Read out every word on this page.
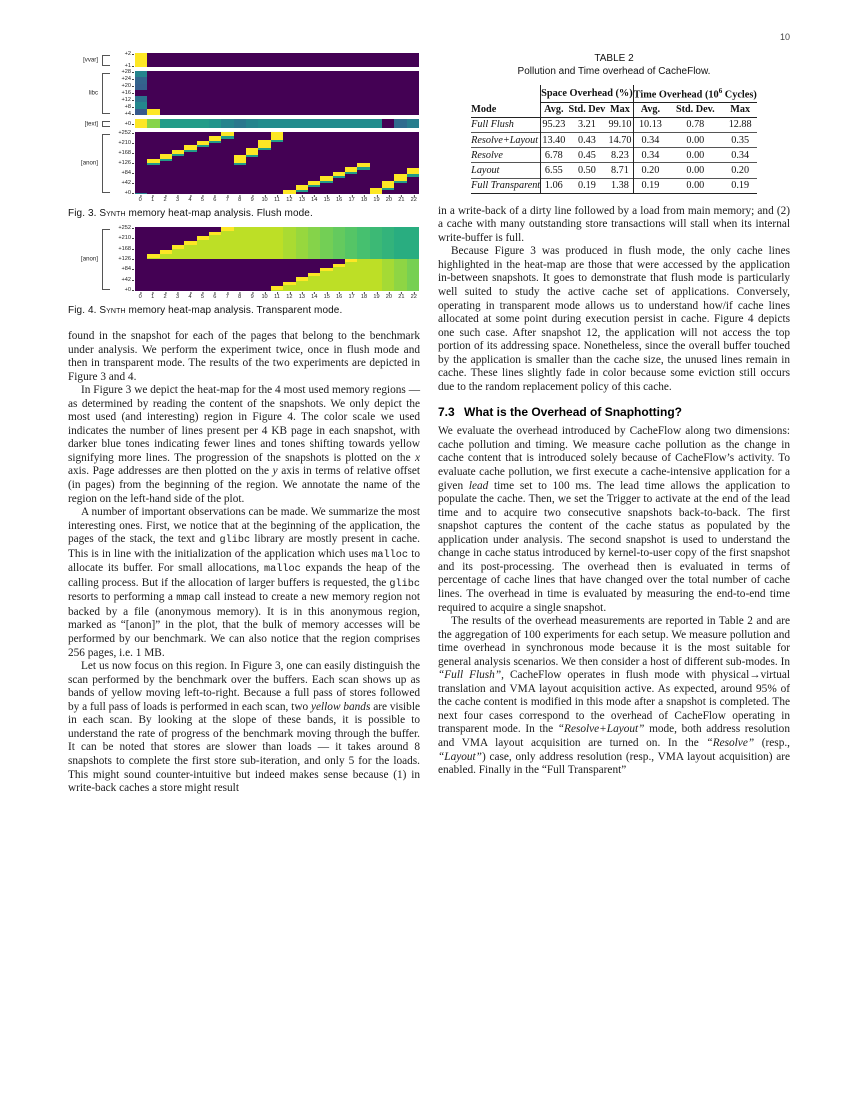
10
[vvar]
+2
+1
libc
+28
+24
+20
+16
+12
+8
+4
[text]	+0
[anon]
+252
+210
+168
+126
+84
+42
+0
0 1 2 3 4 5 6 7 8 9 10 11 12 13 14 15 16 17 18 19 20 21 22
Fig. 3. Synth memory heat-map analysis. Flush mode.
[anon]
+252
+210
+168
+126
+84
+42
+0
0 1 2 3 4 5 6 7 8 9 10 11 12 13 14 15 16 17 18 19 20 21 22
Fig. 4. Synth memory heat-map analysis. Transparent mode.

found in the snapshot for each of the pages that belong to the benchmark under analysis. We perform the experiment twice, once in flush mode and then in transparent mode. The results of the two experiments are depicted in Figure 3 and 4.

In Figure 3 we depict the heat-map for the 4 most used memory regions — as determined by reading the content of the snapshots. We only depict the most used (and interesting) region in Figure 4. The color scale we used indicates the number of lines present per 4 KB page in each snapshot, with darker blue tones indicating fewer lines and tones shifting towards yellow signifying more lines. The progression of the snapshots is plotted on the x axis. Page addresses are then plotted on the y axis in terms of relative offset (in pages) from the beginning of the region. We annotate the name of the region on the left-hand side of the plot.

A number of important observations can be made. We summarize the most interesting ones. First, we notice that at the beginning of the application, the pages of the stack, the text and glibc library are mostly present in cache. This is in line with the initialization of the application which uses malloc to allocate its buffer. For small allocations, malloc expands the heap of the calling process. But if the allocation of larger buffers is requested, the glibc resorts to performing a mmap call instead to create a new memory region not backed by a file (anonymous memory). It is in this anonymous region, marked as “[anon]” in the plot, that the bulk of memory accesses will be performed by our benchmark. We can also notice that the region comprises 256 pages, i.e. 1 MB.

Let us now focus on this region. In Figure 3, one can easily distinguish the scan performed by the benchmark over the buffers. Each scan shows up as bands of yellow moving left-to-right. Because a full pass of stores followed by a full pass of loads is performed in each scan, two yellow bands are visible in each scan. By looking at the slope of these bands, it is possible to understand the rate of progress of the benchmark moving through the buffer. It can be noted that stores are slower than loads — it takes around 8 snapshots to complete the first store sub-iteration, and only 5 for the loads. This might sound counter-intuitive but indeed makes sense because (1) in write-back caches a store might result

TABLE 2
Pollution and Time overhead of CacheFlow.
	Space Overhead (%)			Time Overhead ($10^6$ Cycles)		
Mode	Avg.	Std. Dev	Max	Avg.	Std. Dev.	Max
Full Flush	95.23	3.21	99.10	10.13	0.78	12.88
Resolve+Layout	13.40	0.43	14.70	0.34	0.00	0.35
Resolve	6.78	0.45	8.23	0.34	0.00	0.34
Layout	6.55	0.50	8.71	0.20	0.00	0.20
Full Transparent	1.06	0.19	1.38	0.19	0.00	0.19

in a write-back of a dirty line followed by a load from main memory; and (2) a cache with many outstanding store transactions will stall when its internal write-buffer is full.

Because Figure 3 was produced in flush mode, the only cache lines highlighted in the heat-map are those that were accessed by the application in-between snapshots. It goes to demonstrate that flush mode is particularly well suited to study the active cache set of applications. Conversely, operating in transparent mode allows us to understand how/if cache lines allocated at some point during execution persist in cache. Figure 4 depicts one such case. After snapshot 12, the application will not access the top portion of its addressing space. Nonetheless, since the overall buffer touched by the application is smaller than the cache size, the unused lines remain in cache. These lines slightly fade in color because some eviction still occurs due to the random replacement policy of this cache.

7.3 What is the Overhead of Snaphotting?

We evaluate the overhead introduced by CacheFlow along two dimensions: cache pollution and timing. We measure cache pollution as the change in cache content that is introduced solely because of CacheFlow’s activity. To evaluate cache pollution, we first execute a cache-intensive application for a given lead time set to 100 ms. The lead time allows the application to populate the cache. Then, we set the Trigger to activate at the end of the lead time and to acquire two consecutive snapshots back-to-back. The first snapshot captures the content of the cache status as populated by the application under analysis. The second snapshot is used to understand the change in cache status introduced by kernel-to-user copy of the first snapshot and its post-processing. The overhead then is evaluated in terms of percentage of cache lines that have changed over the total number of cache lines. The overhead in time is evaluated by measuring the end-to-end time required to acquire a single snapshot.

The results of the overhead measurements are reported in Table 2 and are the aggregation of 100 experiments for each setup. We measure pollution and time overhead in synchronous mode because it is the most suitable for general analysis scenarios. We then consider a host of different sub-modes. In “Full Flush”, CacheFlow operates in flush mode with physical→virtual translation and VMA layout acquisition active. As expected, around 95% of the cache content is modified in this mode after a snapshot is completed. The next four cases correspond to the overhead of CacheFlow operating in transparent mode. In the “Resolve+Layout” mode, both address resolution and VMA layout acquisition are turned on. In the “Resolve” (resp., “Layout”) case, only address resolution (resp., VMA layout acquisition) are enabled. Finally in the “Full Transparent”
